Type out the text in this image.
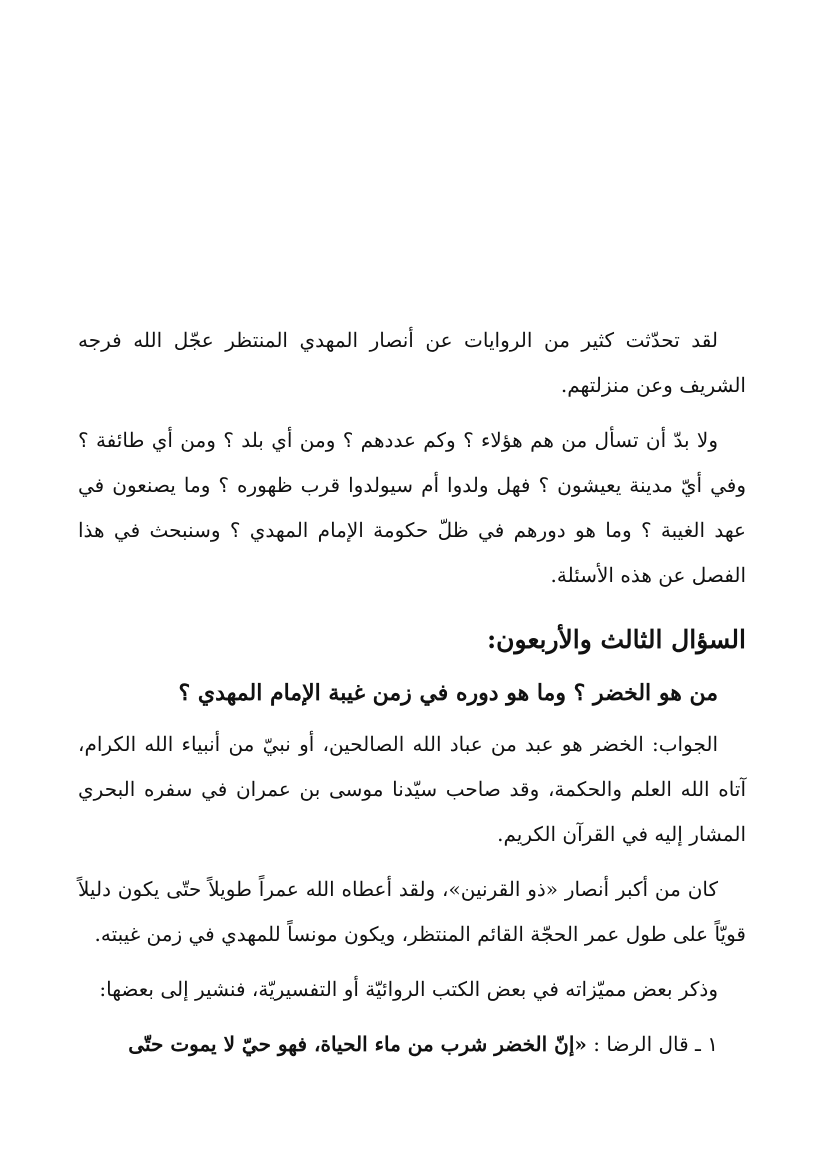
لقد تحدّثت كثير من الروايات عن أنصار المهدي المنتظر عجّل الله فرجه الشريف وعن منزلتهم.

ولا بدّ أن تسأل من هم هؤلاء ؟ وكم عددهم ؟ ومن أي بلد ؟ ومن أي طائفة ؟ وفي أيّ مدينة يعيشون ؟ فهل ولدوا أم سيولدوا قرب ظهوره ؟ وما يصنعون في عهد الغيبة ؟ وما هو دورهم في ظلّ حكومة الإمام المهدي ؟ وسنبحث في هذا الفصل عن هذه الأسئلة.

السؤال الثالث والأربعون:

من هو الخضر ؟ وما هو دوره في زمن غيبة الإمام المهدي ؟

الجواب: الخضر هو عبد من عباد الله الصالحين، أو نبيّ من أنبياء الله الكرام، آتاه الله العلم والحكمة، وقد صاحب سيّدنا موسى بن عمران في سفره البحري المشار إليه في القرآن الكريم.

كان من أكبر أنصار «ذو القرنين»، ولقد أعطاه الله عمراً طويلاً حتّى يكون دليلاً قويّاً على طول عمر الحجّة القائم المنتظر، ويكون مونساً للمهدي في زمن غيبته.

وذكر بعض مميّزاته في بعض الكتب الروائيّة أو التفسيريّة، فنشير إلى بعضها:

١ ـ قال الرضا : «إنّ الخضر شرب من ماء الحياة، فهو حيّ لا يموت حتّى
